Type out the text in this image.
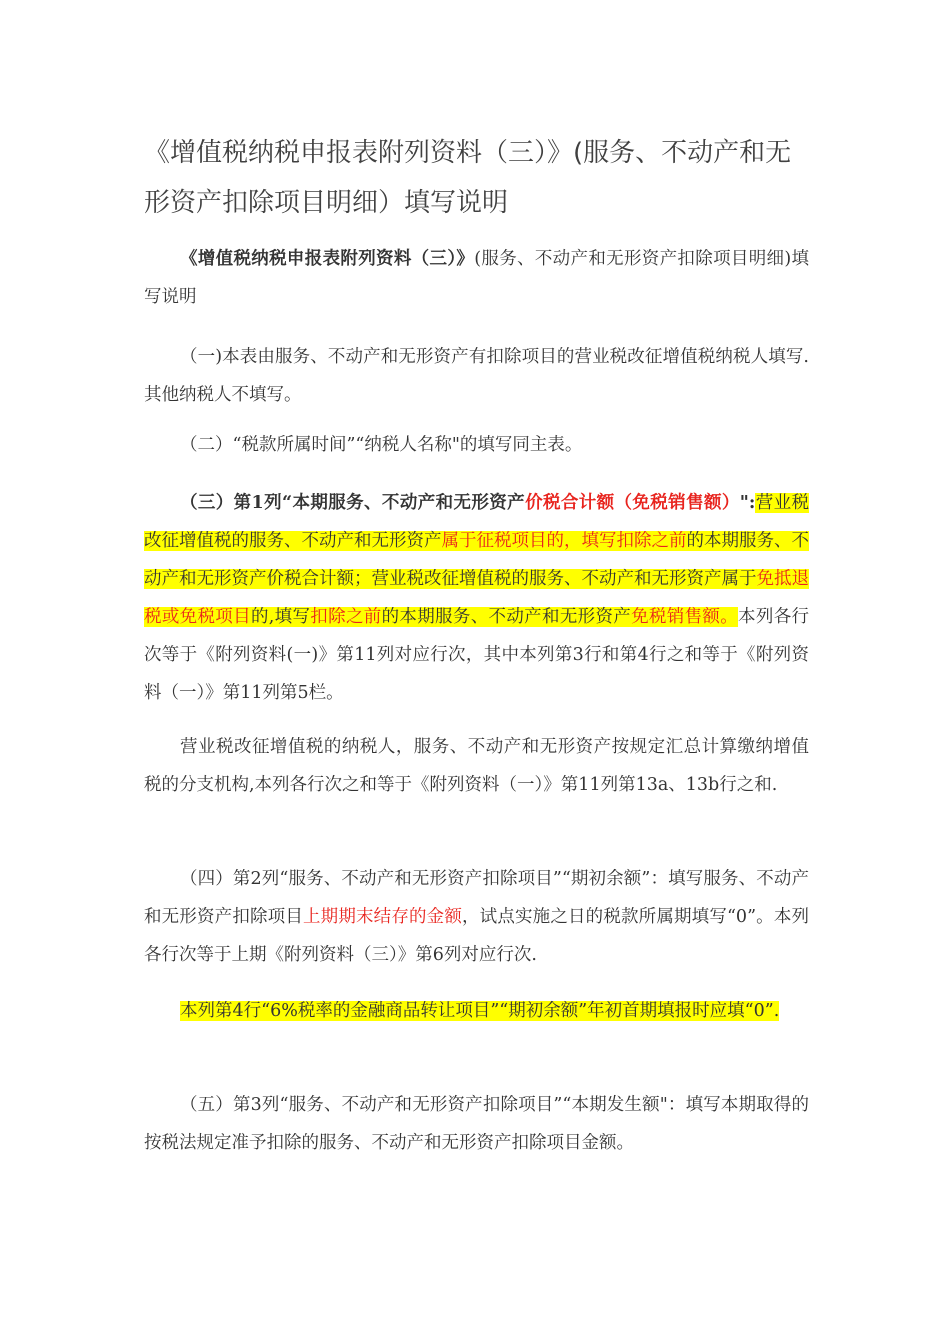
《增值税纳税申报表附列资料（三）》(服务、不动产和无形资产扣除项目明细）填写说明

《增值税纳税申报表附列资料（三）》(服务、不动产和无形资产扣除项目明细)填写说明

（一)本表由服务、不动产和无形资产有扣除项目的营业税改征增值税纳税人填写.其他纳税人不填写。

（二）“税款所属时间”“纳税人名称"的填写同主表。

（三）第1列“本期服务、不动产和无形资产价税合计额（免税销售额）":营业税改征增值税的服务、不动产和无形资产属于征税项目的，填写扣除之前的本期服务、不动产和无形资产价税合计额；营业税改征增值税的服务、不动产和无形资产属于免抵退税或免税项目的,填写扣除之前的本期服务、不动产和无形资产免税销售额。本列各行次等于《附列资料(一)》第11列对应行次，其中本列第3行和第4行之和等于《附列资料（一）》第11列第5栏。

营业税改征增值税的纳税人，服务、不动产和无形资产按规定汇总计算缴纳增值税的分支机构,本列各行次之和等于《附列资料（一）》第11列第13a、13b行之和.

（四）第2列“服务、不动产和无形资产扣除项目”“期初余额”：填写服务、不动产和无形资产扣除项目上期期末结存的金额，试点实施之日的税款所属期填写“0”。本列各行次等于上期《附列资料（三）》第6列对应行次.

本列第4行“6%税率的金融商品转让项目”“期初余额”年初首期填报时应填“0”.

（五）第3列“服务、不动产和无形资产扣除项目”“本期发生额"：填写本期取得的按税法规定准予扣除的服务、不动产和无形资产扣除项目金额。
